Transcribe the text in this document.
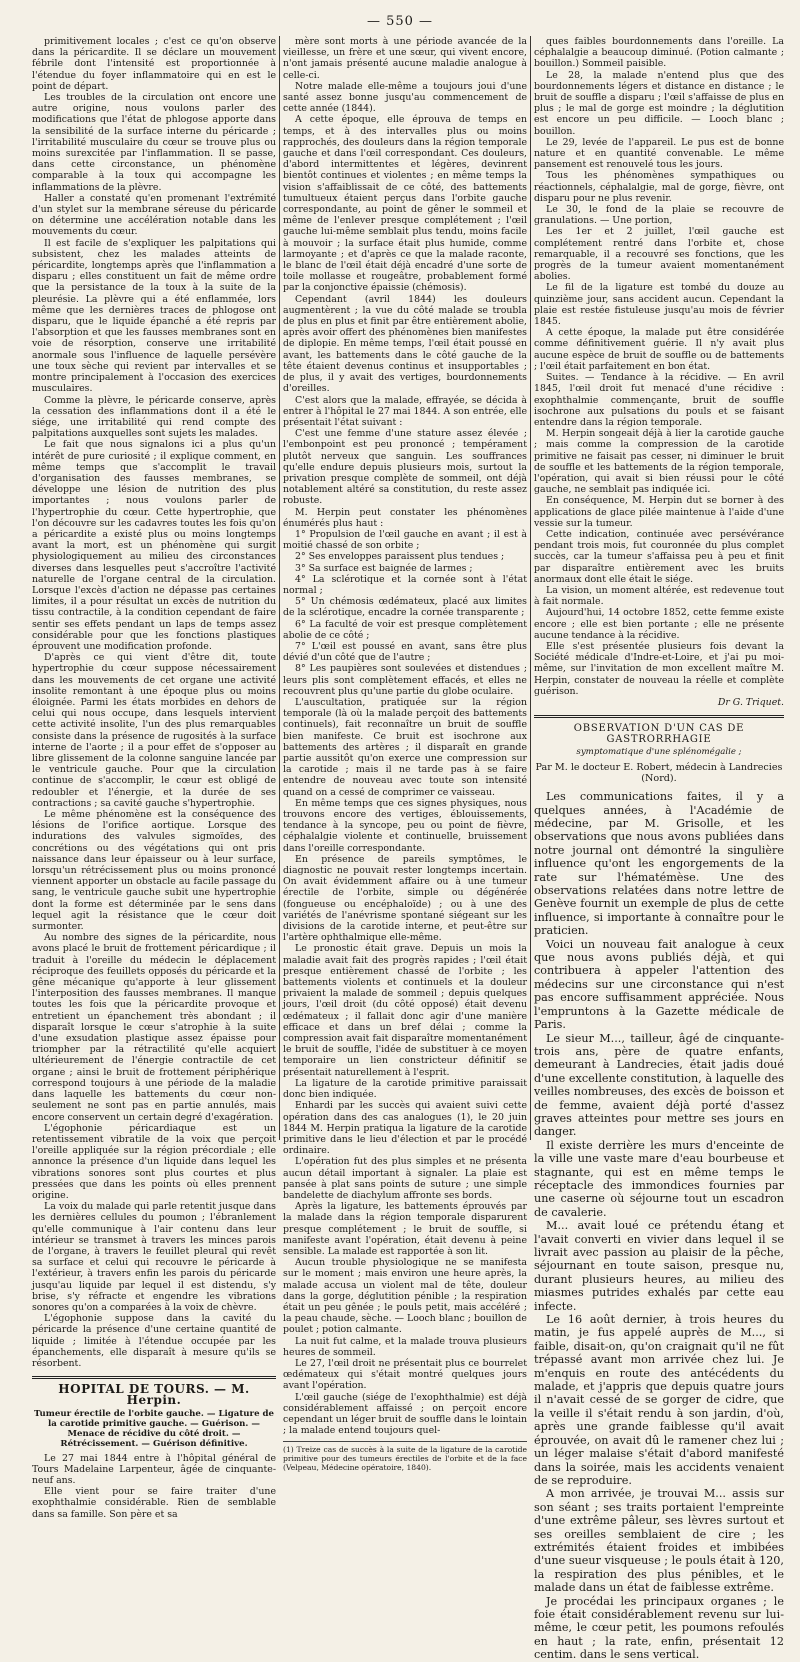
— 550 —

primitivement locales ; c'est ce qu'on observe dans la péricardite. Il se déclare un mouvement fébrile dont l'intensité est proportionnée à l'étendue du foyer inflammatoire qui en est le point de départ.

Les troubles de la circulation ont encore une autre origine, nous voulons parler des modifications que l'état de phlogose apporte dans la sensibilité de la surface interne du péricarde ; l'irritabilité musculaire du cœur se trouve plus ou moins surexcitée par l'inflammation. Il se passe, dans cette circonstance, un phénomène comparable à la toux qui accompagne les inflammations de la plèvre.

Haller a constaté qu'en promenant l'extrémité d'un stylet sur la membrane séreuse du péricarde on détermine une accélération notable dans les mouvements du cœur.

Il est facile de s'expliquer les palpitations qui subsistent, chez les malades atteints de péricardite, longtemps après que l'inflammation a disparu ; elles constituent un fait de même ordre que la persistance de la toux à la suite de la pleurésie. La plèvre qui a été enflammée, lors même que les dernières traces de phlogose ont disparu, que le liquide épanché a été repris par l'absorption et que les fausses membranes sont en voie de résorption, conserve une irritabilité anormale sous l'influence de laquelle persévère une toux sèche qui revient par intervalles et se montre principalement à l'occasion des exercices musculaires.

Comme la plèvre, le péricarde conserve, après la cessation des inflammations dont il a été le siége, une irritabilité qui rend compte des palpitations auxquelles sont sujets les malades.

Le fait que nous signalons ici a plus qu'un intérêt de pure curiosité ; il explique comment, en même temps que s'accomplit le travail d'organisation des fausses membranes, se développe une lésion de nutrition des plus importantes ; nous voulons parler de l'hypertrophie du cœur. Cette hypertrophie, que l'on découvre sur les cadavres toutes les fois qu'on a péricardite a existé plus ou moins longtemps avant la mort, est un phénomène qui surgit physiologiquement au milieu des circonstances diverses dans lesquelles peut s'accroître l'activité naturelle de l'organe central de la circulation. Lorsque l'excès d'action ne dépasse pas certaines limites, il a pour résultat un excès de nutrition du tissu contractile, à la condition cependant de faire sentir ses effets pendant un laps de temps assez considérable pour que les fonctions plastiques éprouvent une modification profonde.

D'après ce qui vient d'être dit, toute hypertrophie du cœur suppose nécessairement dans les mouvements de cet organe une activité insolite remontant à une époque plus ou moins éloignée. Parmi les états morbides en dehors de celui qui nous occupe, dans lesquels intervient cette activité insolite, l'un des plus remarquables consiste dans la présence de rugosités à la surface interne de l'aorte ; il a pour effet de s'opposer au libre glissement de la colonne sanguine lancée par le ventricule gauche. Pour que la circulation continue de s'accomplir, le cœur est obligé de redoubler et l'énergie, et la durée de ses contractions ; sa cavité gauche s'hypertrophie.

Le même phénomène est la conséquence des lésions de l'orifice aortique. Lorsque des indurations des valvules sigmoïdes, des concrétions ou des végétations qui ont pris naissance dans leur épaisseur ou à leur surface, lorsqu'un rétrécissement plus ou moins prononcé viennent apporter un obstacle au facile passage du sang, le ventricule gauche subit une hypertrophie dont la forme est déterminée par le sens dans lequel agit la résistance que le cœur doit surmonter.

Au nombre des signes de la péricardite, nous avons placé le bruit de frottement péricardique ; il traduit à l'oreille du médecin le déplacement réciproque des feuillets opposés du péricarde et la gêne mécanique qu'apporte à leur glissement l'interposition des fausses membranes. Il manque toutes les fois que la péricardite provoque et entretient un épanchement très abondant ; il disparaît lorsque le cœur s'atrophie à la suite d'une exsudation plastique assez épaisse pour triompher par la rétractilité qu'elle acquiert ultérieurement de l'énergie contractile de cet organe ; ainsi le bruit de frottement périphérique correspond toujours à une période de la maladie dans laquelle les battements du cœur non-seulement ne sont pas en partie annulés, mais encore conservent un certain degré d'exagération.

L'égophonie péricardiaque est un retentissement vibratile de la voix que perçoit l'oreille appliquée sur la région précordiale ; elle annonce la présence d'un liquide dans lequel les vibrations sonores sont plus courtes et plus pressées que dans les points où elles prennent origine.

La voix du malade qui parle retentit jusque dans les dernières cellules du poumon ; l'ébranlement qu'elle communique à l'air contenu dans leur intérieur se transmet à travers les minces parois de l'organe, à travers le feuillet pleural qui revêt sa surface et celui qui recouvre le péricarde à l'extérieur, à travers enfin les parois du péricarde jusqu'au liquide par lequel il est distendu, s'y brise, s'y réfracte et engendre les vibrations sonores qu'on a comparées à la voix de chèvre.

L'égophonie suppose dans la cavité du péricarde la présence d'une certaine quantité de liquide ; limitée à l'étendue occupée par les épanchements, elle disparaît à mesure qu'ils se résorbent.

HOPITAL DE TOURS. — M. Herpin.
Tumeur érectile de l'orbite gauche. — Ligature de la carotide primitive gauche. — Guérison. — Menace de récidive du côté droit. — Rétrécissement. — Guérison définitive.

Le 27 mai 1844 entre à l'hôpital général de Tours Madelaine Larpenteur, âgée de cinquante-neuf ans.

Elle vient pour se faire traiter d'une exophthalmie considérable. Rien de semblable dans sa famille. Son père et sa

mère sont morts à une période avancée de la vieillesse, un frère et une sœur, qui vivent encore, n'ont jamais présenté aucune maladie analogue à celle-ci.

Notre malade elle-même a toujours joui d'une santé assez bonne jusqu'au commencement de cette année (1844).

A cette époque, elle éprouva de temps en temps, et à des intervalles plus ou moins rapprochés, des douleurs dans la région temporale gauche et dans l'œil correspondant. Ces douleurs, d'abord intermittentes et légères, devinrent bientôt continues et violentes ; en même temps la vision s'affaiblissait de ce côté, des battements tumultueux étaient perçus dans l'orbite gauche correspondante, au point de gêner le sommeil et même de l'enlever presque complétement ; l'œil gauche lui-même semblait plus tendu, moins facile à mouvoir ; la surface était plus humide, comme larmoyante ; et d'après ce que la malade raconte, le blanc de l'œil était déjà encadré d'une sorte de toile mollasse et rougeâtre, probablement formé par la conjonctive épaissie (chémosis).

Cependant (avril 1844) les douleurs augmentèrent ; la vue du côté malade se troubla de plus en plus et finit par être entièrement abolie, après avoir offert des phénomènes bien manifestes de diplopie. En même temps, l'œil était poussé en avant, les battements dans le côté gauche de la tête étaient devenus continus et insupportables ; de plus, il y avait des vertiges, bourdonnements d'oreilles.

C'est alors que la malade, effrayée, se décida à entrer à l'hôpital le 27 mai 1844. A son entrée, elle présentait l'état suivant :

C'est une femme d'une stature assez élevée ; l'embonpoint est peu prononcé ; tempérament plutôt nerveux que sanguin. Les souffrances qu'elle endure depuis plusieurs mois, surtout la privation presque complète de sommeil, ont déjà notablement altéré sa constitution, du reste assez robuste.

M. Herpin peut constater les phénomènes énumérés plus haut :

1° Propulsion de l'œil gauche en avant ; il est à moitié chassé de son orbite ;

2° Ses enveloppes paraissent plus tendues ;

3° Sa surface est baignée de larmes ;

4° La sclérotique et la cornée sont à l'état normal ;

5° Un chémosis œdémateux, placé aux limites de la sclérotique, encadre la cornée transparente ;

6° La faculté de voir est presque complètement abolie de ce côté ;

7° L'œil est poussé en avant, sans être plus dévié d'un côté que de l'autre ;

8° Les paupières sont soulevées et distendues ; leurs plis sont complètement effacés, et elles ne recouvrent plus qu'une partie du globe oculaire.

L'auscultation, pratiquée sur la région temporale (là où la malade perçoit des battements continuels), fait reconnaître un bruit de souffle bien manifeste. Ce bruit est isochrone aux battements des artères ; il disparaît en grande partie aussitôt qu'on exerce une compression sur la carotide ; mais il ne tarde pas à se faire entendre de nouveau avec toute son intensité quand on a cessé de comprimer ce vaisseau.

En même temps que ces signes physiques, nous trouvons encore des vertiges, éblouissements, tendance à la syncope, peu ou point de fièvre, céphalalgie violente et continuelle, bruissement dans l'oreille correspondante.

En présence de pareils symptômes, le diagnostic ne pouvait rester longtemps incertain. On avait évidemment affaire ou à une tumeur érectile de l'orbite, simple ou dégénérée (fongueuse ou encéphaloïde) ; ou à une des variétés de l'anévrisme spontané siégeant sur les divisions de la carotide interne, et peut-être sur l'artère ophthalmique elle-même.

Le pronostic était grave. Depuis un mois la maladie avait fait des progrès rapides ; l'œil était presque entièrement chassé de l'orbite ; les battements violents et continuels et la douleur privaient la malade de sommeil ; depuis quelques jours, l'œil droit (du côté opposé) était devenu œdémateux ; il fallait donc agir d'une manière efficace et dans un bref délai ; comme la compression avait fait disparaître momentanément le bruit de souffle, l'idée de substituer à ce moyen temporaire un lien constricteur définitif se présentait naturellement à l'esprit.

La ligature de la carotide primitive paraissait donc bien indiquée.

Enhardi par les succès qui avaient suivi cette opération dans des cas analogues (1), le 20 juin 1844 M. Herpin pratiqua la ligature de la carotide primitive dans le lieu d'élection et par le procédé ordinaire.

L'opération fut des plus simples et ne présenta aucun détail important à signaler. La plaie est pansée à plat sans points de suture ; une simple bandelette de diachylum affronte ses bords.

Après la ligature, les battements éprouvés par la malade dans la région temporale disparurent presque complétement ; le bruit de souffle, si manifeste avant l'opération, était devenu à peine sensible. La malade est rapportée à son lit.

Aucun trouble physiologique ne se manifesta sur le moment ; mais environ une heure après, la malade accusa un violent mal de tête, douleur dans la gorge, déglutition pénible ; la respiration était un peu gênée ; le pouls petit, mais accéléré ; la peau chaude, sèche. — Looch blanc ; bouillon de poulet ; potion calmante.

La nuit fut calme, et la malade trouva plusieurs heures de sommeil.

Le 27, l'œil droit ne présentait plus ce bourrelet œdémateux qui s'était montré quelques jours avant l'opération.

L'œil gauche (siége de l'exophthalmie) est déjà considérablement affaissé ; on perçoit encore cependant un léger bruit de souffle dans le lointain ; la malade entend toujours quel-

(1) Treize cas de succès à la suite de la ligature de la carotide primitive pour des tumeurs érectiles de l'orbite et de la face (Velpeau, Médecine opératoire, 1840).

ques faibles bourdonnements dans l'oreille. La céphalalgie a beaucoup diminué. (Potion calmante ; bouillon.) Sommeil paisible.

Le 28, la malade n'entend plus que des bourdonnements légers et distance en distance ; le bruit de souffle a disparu ; l'œil s'affaisse de plus en plus ; le mal de gorge est moindre ; la déglutition est encore un peu difficile. — Looch blanc ; bouillon.

Le 29, levée de l'appareil. Le pus est de bonne nature et en quantité convenable. Le même pansement est renouvelé tous les jours.

Tous les phénomènes sympathiques ou réactionnels, céphalalgie, mal de gorge, fièvre, ont disparu pour ne plus revenir.

Le 30, le fond de la plaie se recouvre de granulations. — Une portion,

Les 1er et 2 juillet, l'œil gauche est complétement rentré dans l'orbite et, chose remarquable, il a recouvré ses fonctions, que les progrès de la tumeur avaient momentanément abolies.

Le fil de la ligature est tombé du douze au quinzième jour, sans accident aucun. Cependant la plaie est restée fistuleuse jusqu'au mois de février 1845.

A cette époque, la malade put être considérée comme définitivement guérie. Il n'y avait plus aucune espèce de bruit de souffle ou de battements ; l'œil était parfaitement en bon état.

Suites. — Tendance à la récidive. — En avril 1845, l'œil droit fut menacé d'une récidive : exophthalmie commençante, bruit de souffle isochrone aux pulsations du pouls et se faisant entendre dans la région temporale.

M. Herpin songeait déjà à lier la carotide gauche ; mais comme la compression de la carotide primitive ne faisait pas cesser, ni diminuer le bruit de souffle et les battements de la région temporale, l'opération, qui avait si bien réussi pour le côté gauche, ne semblait pas indiquée ici.

En conséquence, M. Herpin dut se borner à des applications de glace pilée maintenue à l'aide d'une vessie sur la tumeur.

Cette indication, continuée avec persévérance pendant trois mois, fut couronnée du plus complet succès, car la tumeur s'affaissa peu à peu et finit par disparaître entièrement avec les bruits anormaux dont elle était le siége.

La vision, un moment altérée, est redevenue tout à fait normale.

Aujourd'hui, 14 octobre 1852, cette femme existe encore ; elle est bien portante ; elle ne présente aucune tendance à la récidive.

Elle s'est présentée plusieurs fois devant la Société médicale d'Indre-et-Loire, et j'ai pu moi-même, sur l'invitation de mon excellent maître M. Herpin, constater de nouveau la réelle et complète guérison.

Dr G. Triquet.
OBSERVATION D'UN CAS DE GASTRORRHAGIE
symptomatique d'une splénomégalie ;
Par M. le docteur E. Robert, médecin à Landrecies (Nord).

Les communications faites, il y a quelques années, à l'Académie de médecine, par M. Grisolle, et les observations que nous avons publiées dans notre journal ont démontré la singulière influence qu'ont les engorgements de la rate sur l'hématémèse. Une des observations relatées dans notre lettre de Genève fournit un exemple de plus de cette influence, si importante à connaître pour le praticien.

Voici un nouveau fait analogue à ceux que nous avons publiés déjà, et qui contribuera à appeler l'attention des médecins sur une circonstance qui n'est pas encore suffisamment appréciée. Nous l'empruntons à la Gazette médicale de Paris.

Le sieur M..., tailleur, âgé de cinquante-trois ans, père de quatre enfants, demeurant à Landrecies, était jadis doué d'une excellente constitution, à laquelle des veilles nombreuses, des excès de boisson et de femme, avaient déjà porté d'assez graves atteintes pour mettre ses jours en danger.

Il existe derrière les murs d'enceinte de la ville une vaste mare d'eau bourbeuse et stagnante, qui est en même temps le réceptacle des immondices fournies par une caserne où séjourne tout un escadron de cavalerie.

M... avait loué ce prétendu étang et l'avait converti en vivier dans lequel il se livrait avec passion au plaisir de la pêche, séjournant en toute saison, presque nu, durant plusieurs heures, au milieu des miasmes putrides exhalés par cette eau infecte.

Le 16 août dernier, à trois heures du matin, je fus appelé auprès de M..., si faible, disait-on, qu'on craignait qu'il ne fût trépassé avant mon arrivée chez lui. Je m'enquis en route des antécédents du malade, et j'appris que depuis quatre jours il n'avait cessé de se gorger de cidre, que la veille il s'était rendu à son jardin, d'où, après une grande faiblesse qu'il avait éprouvée, on avait dû le ramener chez lui ; un léger malaise s'était d'abord manifesté dans la soirée, mais les accidents venaient de se reproduire.

A mon arrivée, je trouvai M... assis sur son séant ; ses traits portaient l'empreinte d'une extrême pâleur, ses lèvres surtout et ses oreilles semblaient de cire ; les extrémités étaient froides et imbibées d'une sueur visqueuse ; le pouls était à 120, la respiration des plus pénibles, et le malade dans un état de faiblesse extrême.

Je procédai les principaux organes ; le foie était considérablement revenu sur lui-même, le cœur petit, les poumons refoulés en haut ; la rate, enfin, présentait 12 centim. dans le sens vertical.
